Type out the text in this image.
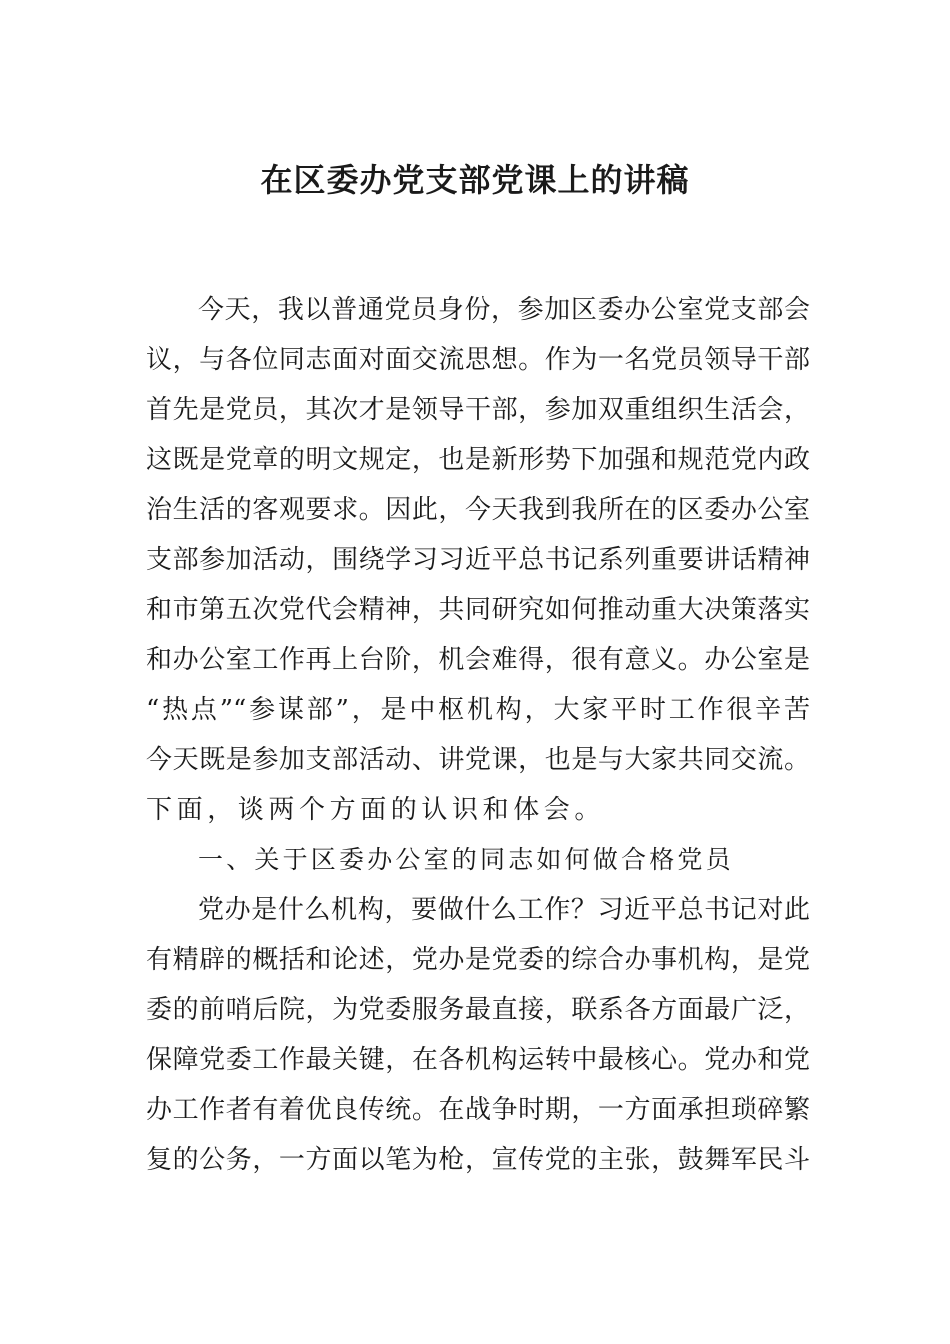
在区委办党支部党课上的讲稿
今天，我以普通党员身份，参加区委办公室党支部会
议，与各位同志面对面交流思想。作为一名党员领导干部
首先是党员，其次才是领导干部，参加双重组织生活会，
这既是党章的明文规定，也是新形势下加强和规范党内政
治生活的客观要求。因此，今天我到我所在的区委办公室
支部参加活动，围绕学习习近平总书记系列重要讲话精神
和市第五次党代会精神，共同研究如何推动重大决策落实
和办公室工作再上台阶，机会难得，很有意义。办公室是
“热点”“参谋部”，是中枢机构，大家平时工作很辛苦
今天既是参加支部活动、讲党课，也是与大家共同交流。
下面，谈两个方面的认识和体会。
一、关于区委办公室的同志如何做合格党员
党办是什么机构，要做什么工作？习近平总书记对此
有精辟的概括和论述，党办是党委的综合办事机构，是党
委的前哨后院，为党委服务最直接，联系各方面最广泛，
保障党委工作最关键，在各机构运转中最核心。党办和党
办工作者有着优良传统。在战争时期，一方面承担琐碎繁
复的公务，一方面以笔为枪，宣传党的主张，鼓舞军民斗
